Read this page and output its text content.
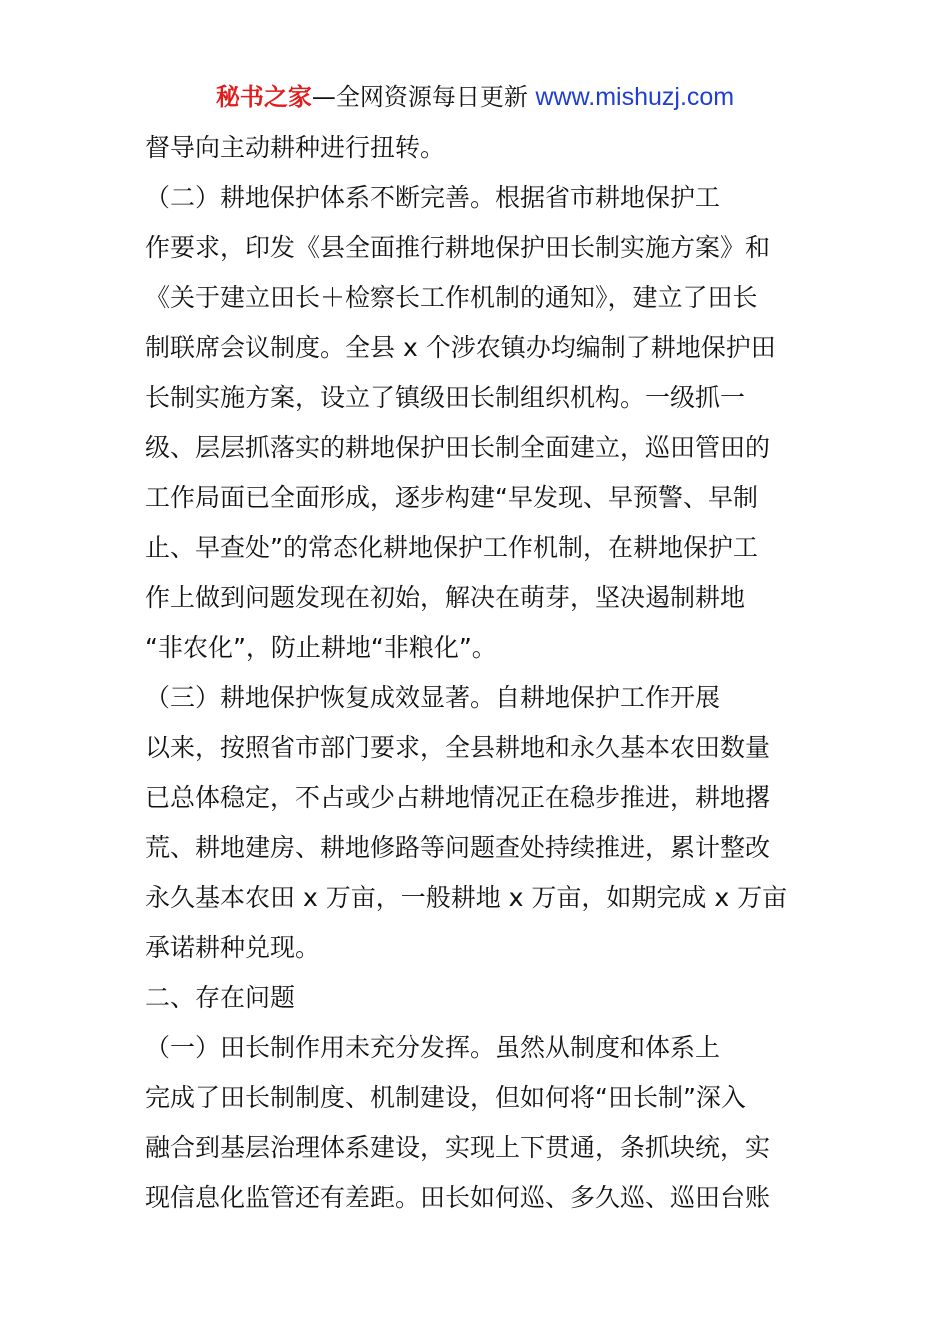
秘书之家—全网资源每日更新 www.mishuzj.com
督导向主动耕种进行扭转。
（二）耕地保护体系不断完善。根据省市耕地保护工
作要求，印发《县全面推行耕地保护田长制实施方案》和
《关于建立田长＋检察长工作机制的通知》，建立了田长
制联席会议制度。全县 x 个涉农镇办均编制了耕地保护田
长制实施方案，设立了镇级田长制组织机构。一级抓一
级、层层抓落实的耕地保护田长制全面建立，巡田管田的
工作局面已全面形成，逐步构建“早发现、早预警、早制
止、早查处”的常态化耕地保护工作机制，在耕地保护工
作上做到问题发现在初始，解决在萌芽，坚决遏制耕地
“非农化”，防止耕地“非粮化”。
（三）耕地保护恢复成效显著。自耕地保护工作开展
以来，按照省市部门要求，全县耕地和永久基本农田数量
已总体稳定，不占或少占耕地情况正在稳步推进，耕地撂
荒、耕地建房、耕地修路等问题查处持续推进，累计整改
永久基本农田 x 万亩，一般耕地 x 万亩，如期完成 x 万亩
承诺耕种兑现。
二、存在问题
（一）田长制作用未充分发挥。虽然从制度和体系上
完成了田长制制度、机制建设，但如何将“田长制”深入
融合到基层治理体系建设，实现上下贯通，条抓块统，实
现信息化监管还有差距。田长如何巡、多久巡、巡田台账
